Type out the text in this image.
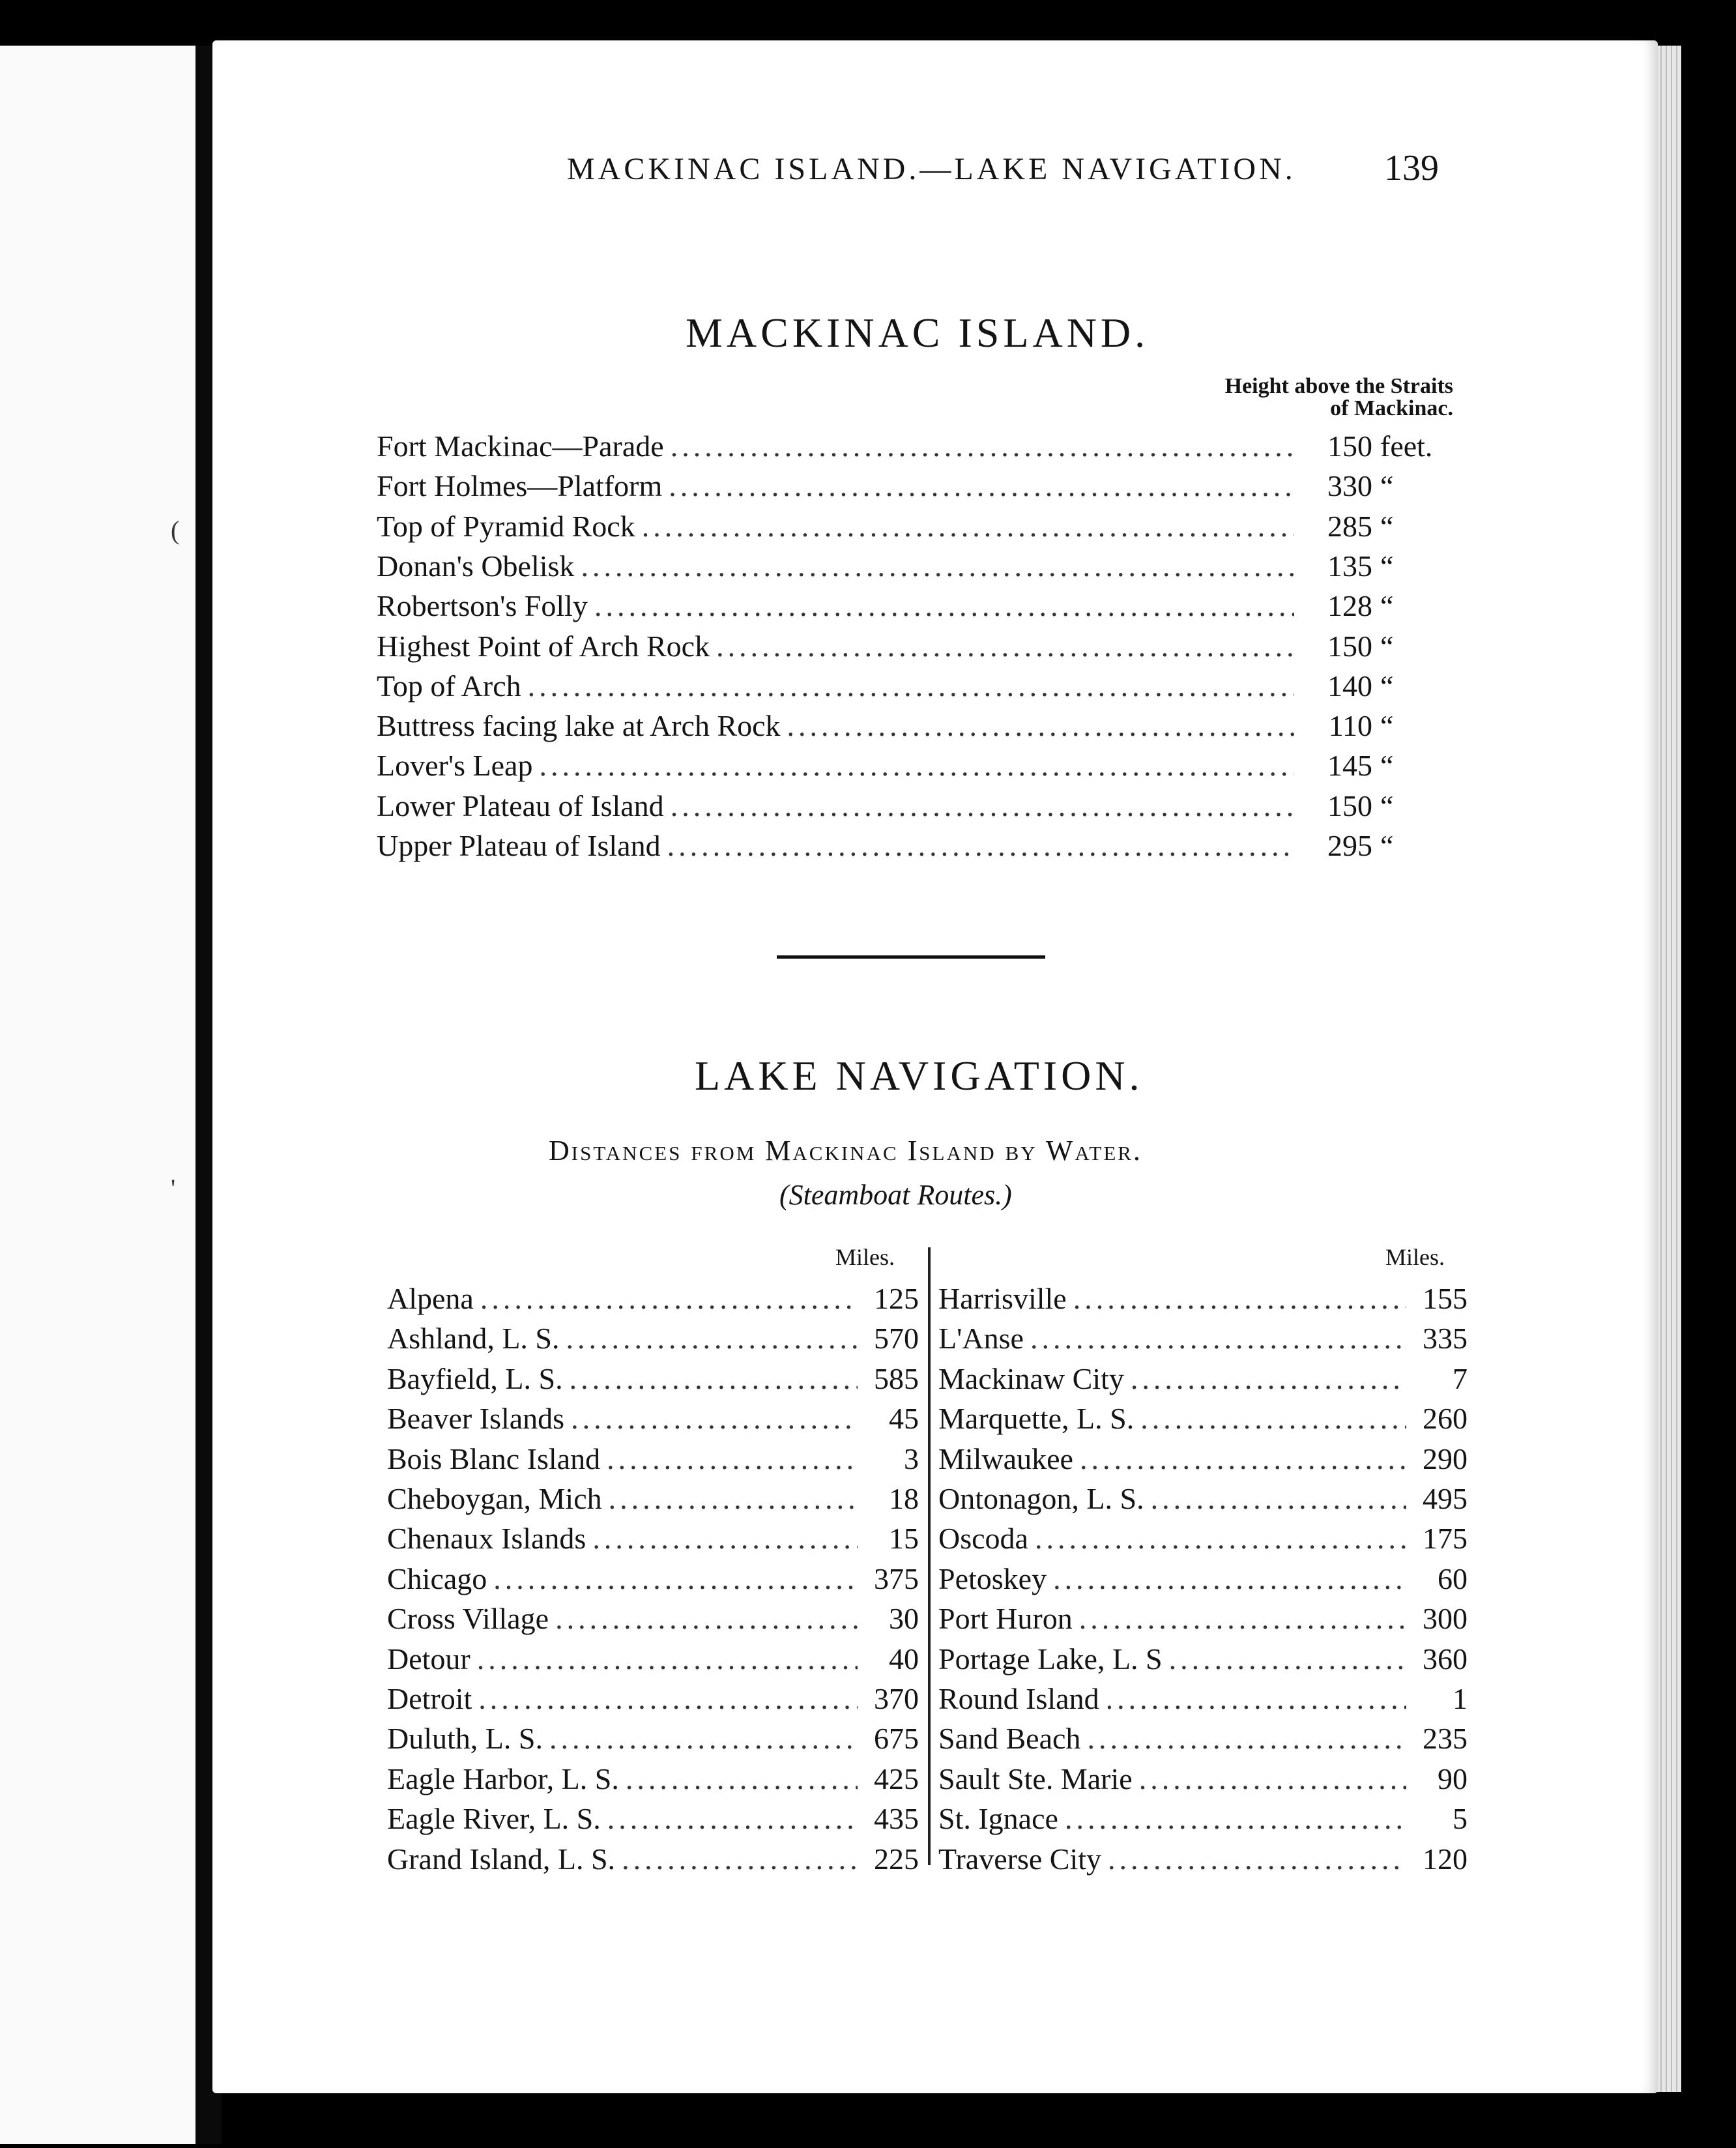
(
'
MACKINAC ISLAND.—LAKE NAVIGATION. 139
MACKINAC ISLAND.
Height above the Straits
of Mackinac.
Fort Mackinac—Parade .....	150 feet.
Fort Holmes—Platform .....	330 “
Top of Pyramid Rock .....	285 “
Donan's Obelisk .....	135 “
Robertson's Folly .....	128 “
Highest Point of Arch Rock .....	150 “
Top of Arch .....	140 “
Buttress facing lake at Arch Rock .....	110 “
Lover's Leap .....	145 “
Lower Plateau of Island .....	150 “
Upper Plateau of Island .....	295 “
LAKE NAVIGATION.
Distances from Mackinac Island by Water.
(Steamboat Routes.)
Miles.	Miles.
Alpena .....	125
Ashland, L. S. .....	570
Bayfield, L. S. .....	585
Beaver Islands .....	45
Bois Blanc Island .....	3
Cheboygan, Mich .....	18
Chenaux Islands .....	15
Chicago .....	375
Cross Village .....	30
Detour .....	40
Detroit .....	370
Duluth, L. S. .....	675
Eagle Harbor, L. S. .....	425
Eagle River, L. S. .....	435
Grand Island, L. S. .....	225
Harrisville .....	155
L'Anse .....	335
Mackinaw City .....	7
Marquette, L. S. .....	260
Milwaukee .....	290
Ontonagon, L. S. .....	495
Oscoda .....	175
Petoskey .....	60
Port Huron .....	300
Portage Lake, L. S .....	360
Round Island .....	1
Sand Beach .....	235
Sault Ste. Marie .....	90
St. Ignace .....	5
Traverse City .....	120
